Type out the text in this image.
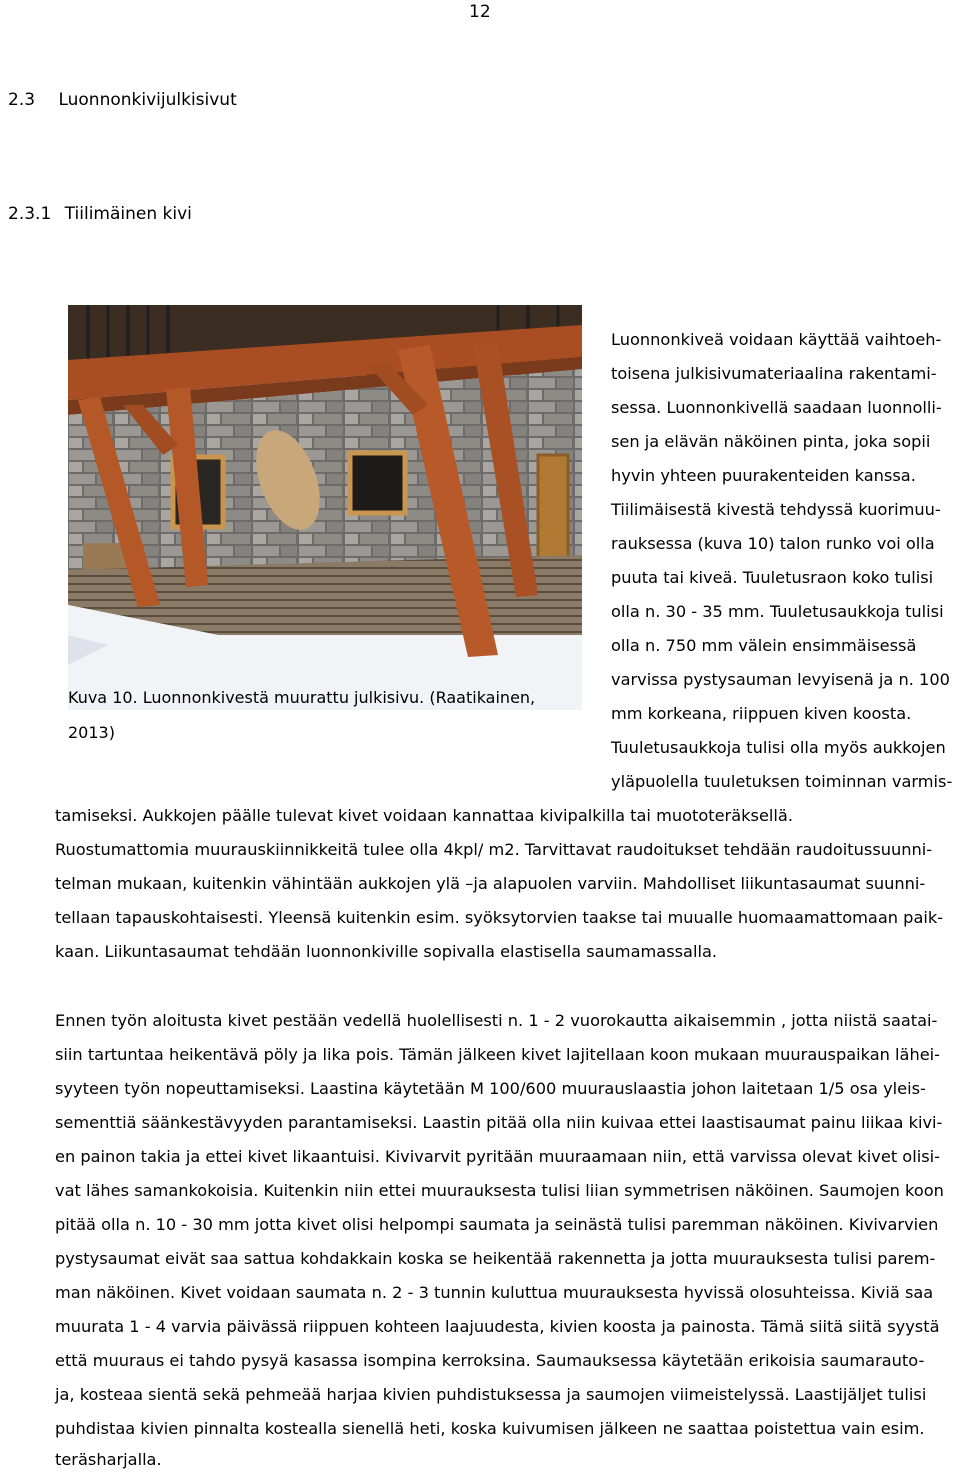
12
2.3 Luonnonkivijulkisivut
2.3.1 Tiilimäinen kivi
Kuva 10. Luonnonkivestä muurattu julkisivu. (Raatikainen,
2013)
Luonnonkiveä voidaan käyttää vaihtoeh-
toisena julkisivumateriaalina rakentami-
sessa. Luonnonkivellä saadaan luonnolli-
sen ja elävän näköinen pinta, joka sopii
hyvin yhteen puurakenteiden kanssa.
Tiilimäisestä kivestä tehdyssä kuorimuu-
rauksessa (kuva 10) talon runko voi olla
puuta tai kiveä. Tuuletusraon koko tulisi
olla n. 30 - 35 mm. Tuuletusaukkoja tulisi
olla n. 750 mm välein ensimmäisessä
varvissa pystysauman levyisenä ja n. 100
mm korkeana, riippuen kiven koosta.
Tuuletusaukkoja tulisi olla myös aukkojen
yläpuolella tuuletuksen toiminnan varmis-
tamiseksi. Aukkojen päälle tulevat kivet voidaan kannattaa kivipalkilla tai muototeräksellä.
Ruostumattomia muurauskiinnikkeitä tulee olla 4kpl/ m2. Tarvittavat raudoitukset tehdään raudoitussuunni-
telman mukaan, kuitenkin vähintään aukkojen ylä –ja alapuolen varviin. Mahdolliset liikuntasaumat suunni-
tellaan tapauskohtaisesti. Yleensä kuitenkin esim. syöksytorvien taakse tai muualle huomaamattomaan paik-
kaan. Liikuntasaumat tehdään luonnonkiville sopivalla elastisella saumamassalla.
Ennen työn aloitusta kivet pestään vedellä huolellisesti n. 1 - 2 vuorokautta aikaisemmin , jotta niistä saatai-
siin tartuntaa heikentävä pöly ja lika pois. Tämän jälkeen kivet lajitellaan koon mukaan muurauspaikan lähei-
syyteen työn nopeuttamiseksi. Laastina käytetään M 100/600 muurauslaastia johon laitetaan 1/5 osa yleis-
sementtiä säänkestävyyden parantamiseksi. Laastin pitää olla niin kuivaa ettei laastisaumat painu liikaa kivi-
en painon takia ja ettei kivet likaantuisi. Kivivarvit pyritään muuraamaan niin, että varvissa olevat kivet olisi-
vat lähes samankokoisia. Kuitenkin niin ettei muurauksesta tulisi liian symmetrisen näköinen. Saumojen koon
pitää olla n. 10 - 30 mm jotta kivet olisi helpompi saumata ja seinästä tulisi paremman näköinen. Kivivarvien
pystysaumat eivät saa sattua kohdakkain koska se heikentää rakennetta ja jotta muurauksesta tulisi parem-
man näköinen. Kivet voidaan saumata n. 2 - 3 tunnin kuluttua muurauksesta hyvissä olosuhteissa. Kiviä saa
muurata 1 - 4 varvia päivässä riippuen kohteen laajuudesta, kivien koosta ja painosta. Tämä siitä siitä syystä
että muuraus ei tahdo pysyä kasassa isompina kerroksina. Saumauksessa käytetään erikoisia saumarauto-
ja, kosteaa sientä sekä pehmeää harjaa kivien puhdistuksessa ja saumojen viimeistelyssä. Laastijäljet tulisi
puhdistaa kivien pinnalta kostealla sienellä heti, koska kuivumisen jälkeen ne saattaa poistettua vain esim.
teräsharjalla.
